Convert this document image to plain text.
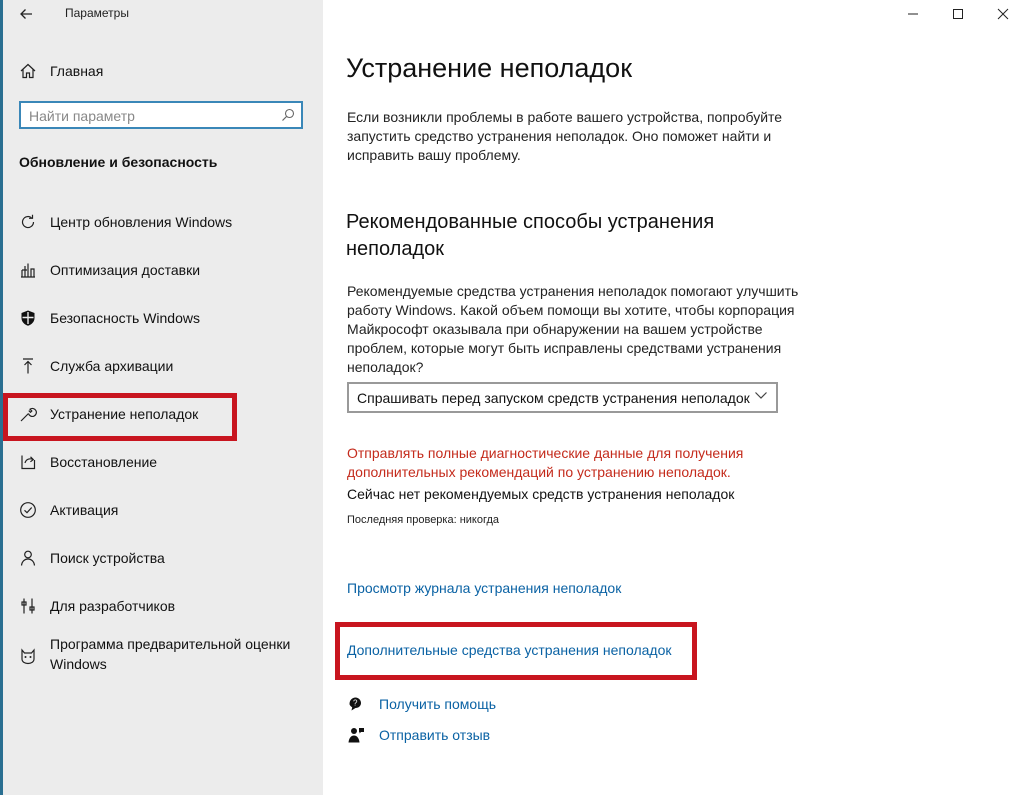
Параметры
Главная
Найти параметр
Обновление и безопасность
Центр обновления Windows
Оптимизация доставки
Безопасность Windows
Служба архивации
Устранение неполадок
Восстановление
Активация
Поиск устройства
Для разработчиков
Программа предварительной оценки Windows
Устранение неполадок
Если возникли проблемы в работе вашего устройства, попробуйте запустить средство устранения неполадок. Оно поможет найти и исправить вашу проблему.
Рекомендованные способы устранения неполадок
Рекомендуемые средства устранения неполадок помогают улучшить работу Windows. Какой объем помощи вы хотите, чтобы корпорация Майкрософт оказывала при обнаружении на вашем устройстве проблем, которые могут быть исправлены средствами устранения неполадок?
Спрашивать перед запуском средств устранения неполадок
Отправлять полные диагностические данные для получения дополнительных рекомендаций по устранению неполадок.
Сейчас нет рекомендуемых средств устранения неполадок
Последняя проверка: никогда
Просмотр журнала устранения неполадок
Дополнительные средства устранения неполадок
? Получить помощь
Отправить отзыв
